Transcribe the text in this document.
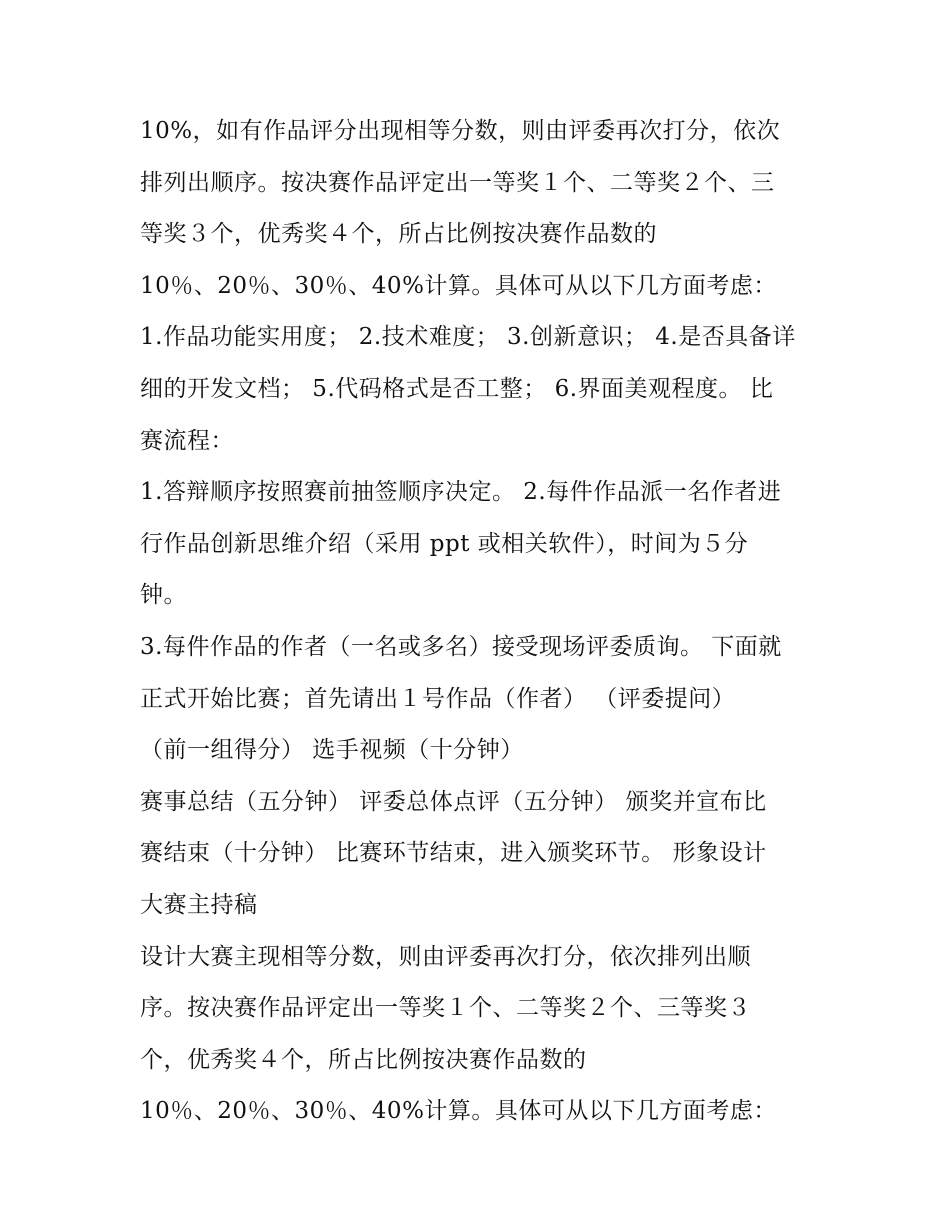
10%，如有作品评分出现相等分数，则由评委再次打分，依次
排列出顺序。按决赛作品评定出一等奖１个、二等奖２个、三
等奖３个，优秀奖４个，所占比例按决赛作品数的
10％、20％、30％、40%计算。具体可从以下几方面考虑：
1.作品功能实用度； 2.技术难度； 3.创新意识； 4.是否具备详
细的开发文档； 5.代码格式是否工整； 6.界面美观程度。 比
赛流程：
1.答辩顺序按照赛前抽签顺序决定。 2.每件作品派一名作者进
行作品创新思维介绍（采用 ppt 或相关软件），时间为５分
钟。
3.每件作品的作者（一名或多名）接受现场评委质询。 下面就
正式开始比赛；首先请出１号作品（作者） （评委提问）
（前一组得分） 选手视频（十分钟）
赛事总结（五分钟） 评委总体点评（五分钟） 颁奖并宣布比
赛结束（十分钟） 比赛环节结束，进入颁奖环节。 形象设计
大赛主持稿
设计大赛主现相等分数，则由评委再次打分，依次排列出顺
序。按决赛作品评定出一等奖１个、二等奖２个、三等奖３
个，优秀奖４个，所占比例按决赛作品数的
10％、20％、30％、40%计算。具体可从以下几方面考虑：
